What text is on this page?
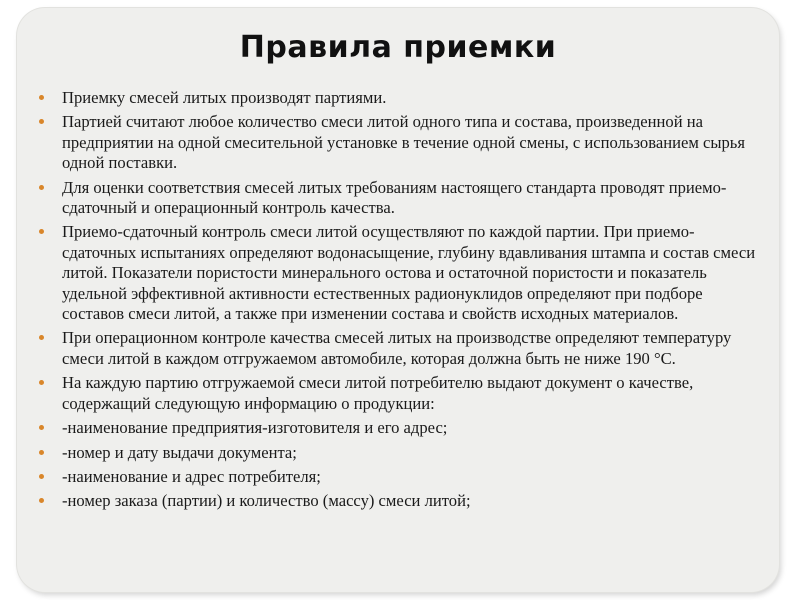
Правила приемки
Приемку смесей литых производят партиями.
Партией считают любое количество смеси литой одного типа и состава, произведенной на предприятии на одной смесительной установке в течение одной смены, с использованием сырья одной поставки.
Для оценки соответствия смесей литых требованиям настоящего стандарта проводят приемо-сдаточный и операционный контроль качества.
Приемо-сдаточный контроль смеси литой осуществляют по каждой партии. При приемо-сдаточных испытаниях определяют водонасыщение, глубину вдавливания штампа и состав смеси литой. Показатели пористости минерального остова и остаточной пористости и показатель удельной эффективной активности естественных радионуклидов определяют при подборе составов смеси литой, а также при изменении состава и свойств исходных материалов.
При операционном контроле качества смесей литых на производстве определяют температуру смеси литой в каждом отгружаемом автомобиле, которая должна быть не ниже 190 °С.
На каждую партию отгружаемой смеси литой потребителю выдают документ о качестве, содержащий следующую информацию о продукции:
-наименование предприятия-изготовителя и его адрес;
-номер и дату выдачи документа;
-наименование и адрес потребителя;
-номер заказа (партии) и количество (массу) смеси литой;
